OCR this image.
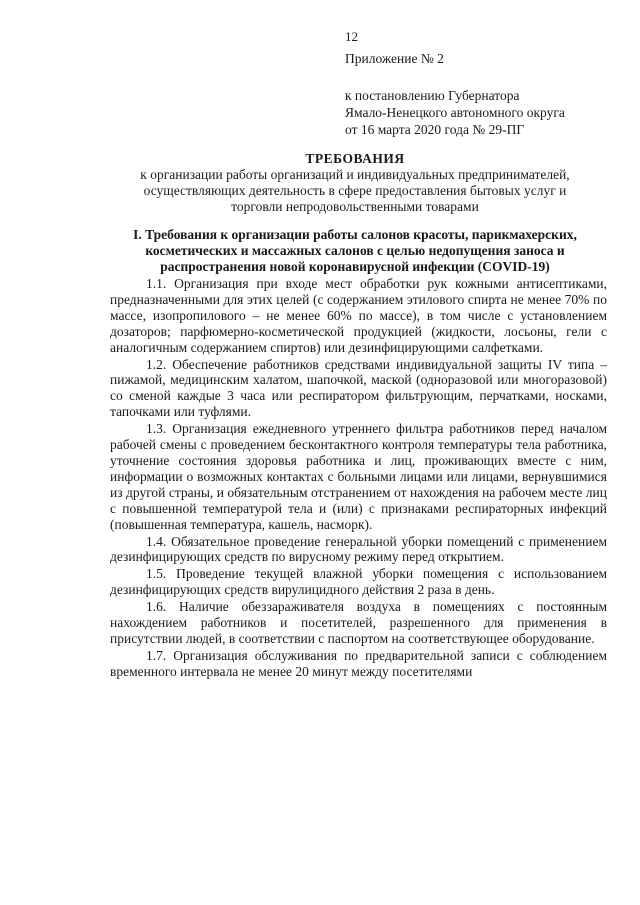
12
Приложение № 2
к постановлению Губернатора
Ямало-Ненецкого автономного округа
от 16 марта 2020 года № 29-ПГ
ТРЕБОВАНИЯ
к организации работы организаций и индивидуальных предпринимателей,
осуществляющих деятельность в сфере предоставления бытовых услуг и
торговли непродовольственными товарами
I. Требования к организации работы салонов красоты, парикмахерских,
косметических и массажных салонов с целью недопущения заноса и
распространения новой коронавирусной инфекции (COVID-19)

1.1. Организация при входе мест обработки рук кожными антисептиками, предназначенными для этих целей (с содержанием этилового спирта не менее 70% по массе, изопропилового – не менее 60% по массе), в том числе с установлением дозаторов; парфюмерно-косметической продукцией (жидкости, лосьоны, гели с аналогичным содержанием спиртов) или дезинфицирующими салфетками.

1.2. Обеспечение работников средствами индивидуальной защиты IV типа – пижамой, медицинским халатом, шапочкой, маской (одноразовой или многоразовой) со сменой каждые 3 часа или респиратором фильтрующим, перчатками, носками, тапочками или туфлями.

1.3. Организация ежедневного утреннего фильтра работников перед началом рабочей смены с проведением бесконтактного контроля температуры тела работника, уточнение состояния здоровья работника и лиц, проживающих вместе с ним, информации о возможных контактах с больными лицами или лицами, вернувшимися из другой страны, и обязательным отстранением от нахождения на рабочем месте лиц с повышенной температурой тела и (или) с признаками респираторных инфекций (повышенная температура, кашель, насморк).

1.4. Обязательное проведение генеральной уборки помещений с применением дезинфицирующих средств по вирусному режиму перед открытием.

1.5. Проведение текущей влажной уборки помещения с использованием дезинфицирующих средств вирулицидного действия 2 раза в день.

1.6. Наличие обеззараживателя воздуха в помещениях с постоянным нахождением работников и посетителей, разрешенного для применения в присутствии людей, в соответствии с паспортом на соответствующее оборудование.

1.7. Организация обслуживания по предварительной записи с соблюдением временного интервала не менее 20 минут между посетителями
